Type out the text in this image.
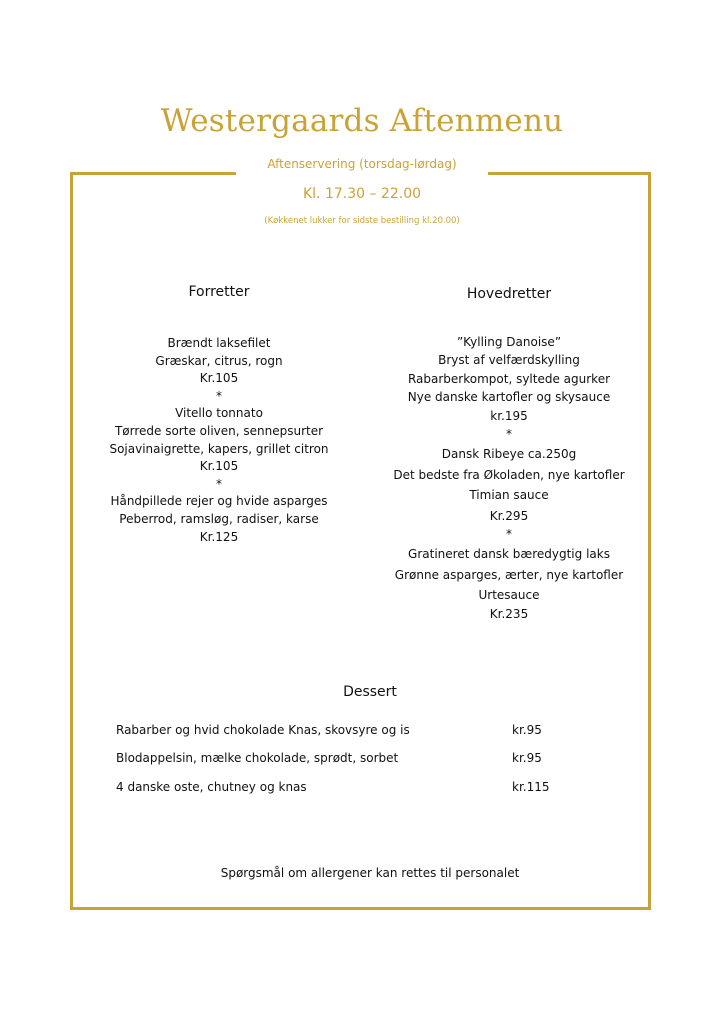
Westergaards Aftenmenu
Aftenservering (torsdag-lørdag)
Kl. 17.30 – 22.00
(Køkkenet lukker for sidste bestilling kl.20.00)
Forretter
Brændt laksefilet
Græskar, citrus, rogn
Kr.105
*
Vitello tonnato
Tørrede sorte oliven, sennepsurter
Sojavinaigrette, kapers, grillet citron
Kr.105
*
Håndpillede rejer og hvide asparges
Peberrod, ramsløg, radiser, karse
Kr.125
Hovedretter
”Kylling Danoise”
Bryst af velfærdskylling
Rabarberkompot, syltede agurker
Nye danske kartofler og skysauce
kr.195
*
Dansk Ribeye ca.250g
Det bedste fra Økoladen, nye kartofler
Timian sauce
Kr.295
*
Gratineret dansk bæredygtig laks
Grønne asparges, ærter, nye kartofler
Urtesauce
Kr.235
Dessert
Rabarber og hvid chokolade Knas, skovsyre og is	kr.95
Blodappelsin, mælke chokolade, sprødt, sorbet	kr.95
4 danske oste, chutney og knas	kr.115
Spørgsmål om allergener kan rettes til personalet
